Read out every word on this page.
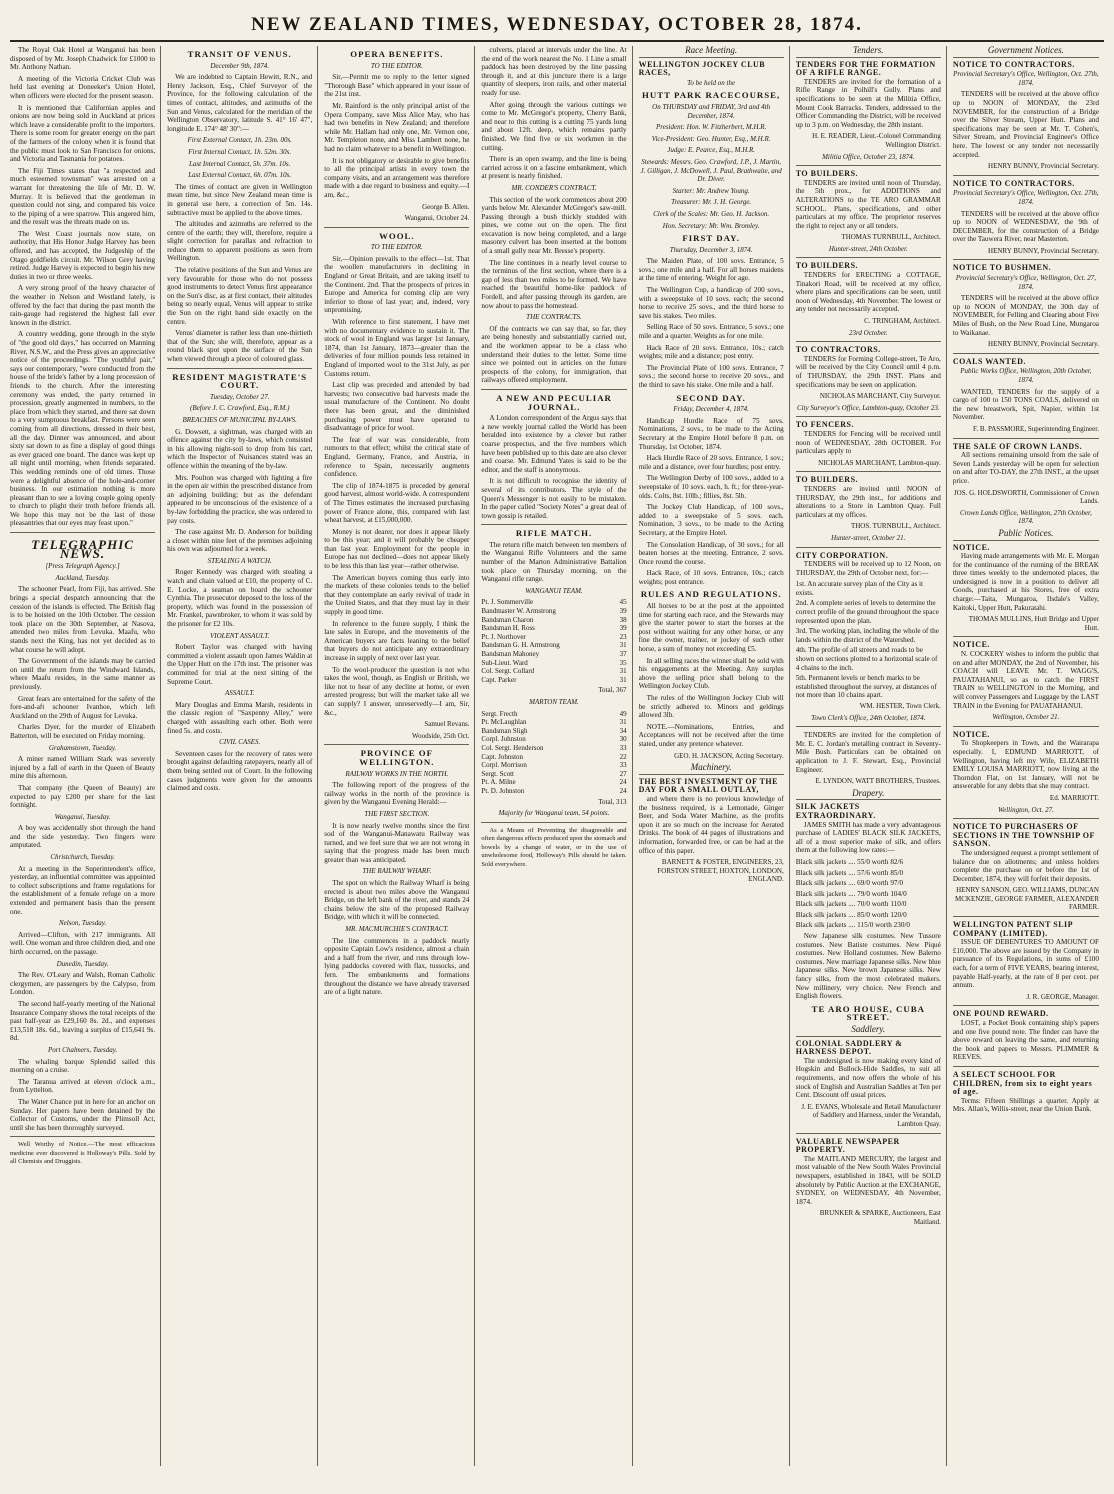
NEW ZEALAND TIMES, WEDNESDAY, OCTOBER 28, 1874.

The Royal Oak Hotel at Wanganui has been disposed of by Mr. Joseph Chadwick for £1000 to Mr. Anthony Nathan.

A meeting of the Victoria Cricket Club was held last evening at Doneeker's Union Hotel, when officers were elected for the present season.

It is mentioned that Californian apples and onions are now being sold in Auckland at prices which leave a considerable profit to the importers. There is some room for greater energy on the part of the farmers of the colony when it is found that the public must look to San Francisco for onions, and Victoria and Tasmania for potatoes.

The Fiji Times states that "a respected and much esteemed townsman" was arrested on a warrant for threatening the life of Mr. D. W. Murray. It is believed that the gentleman in question could not sing, and compared his voice to the piping of a wee sparrow. This angered him, and the result was the threats made on us.

The West Coast journals now state, on authority, that His Honor Judge Harvey has been offered, and has accepted, the Judgeship of the Otago goldfields circuit. Mr. Wilson Grey having retired. Judge Harvey is expected to begin his new duties in two or three weeks.

A very strong proof of the heavy character of the weather in Nelson and Westland lately, is offered by the fact that during the past month the rain-gauge had registered the highest fall ever known in the district.

A country wedding, gone through in the style of "the good old days," has occurred on Manning River, N.S.W., and the Press gives an appreciative notice of the proceedings. "The youthful pair," says our contemporary, "were conducted from the house of the bride's father by a long procession of friends to the church. After the interesting ceremony was ended, the party returned in procession, greatly augmented in numbers, to the place from which they started, and there sat down to a very sumptuous breakfast. Persons were seen coming from all directions, dressed in their best, all the day. Dinner was announced, and about sixty sat down to as fine a display of good things as ever graced one board. The dance was kept up all night until morning, when friends separated. This wedding reminds one of old times. Those were a delightful absence of the hole-and-corner business. In our estimation nothing is more pleasant than to see a loving couple going openly to church to plight their troth before friends all. We hope this may not be the last of those pleasantries that our eyes may feast upon."

TELEGRAPHIC NEWS.
[Press Telegraph Agency.]
Auckland, Tuesday.

The schooner Pearl, from Fiji, has arrived. She brings a special despatch announcing that the cession of the islands is effected. The British flag is to be hoisted on the 10th October. The cession took place on the 30th September, at Nasova, attended two miles from Levuka. Maafu, who stands next the King, has not yet decided as to what course he will adopt.

The Government of the islands may be carried on until the return from the Windward Islands, where Maafu resides, in the same manner as previously.

Great fears are entertained for the safety of the fore-and-aft schooner Ivanhoe, which left Auckland on the 29th of August for Levuka.

Charles Dyer, for the murder of Elizabeth Batterton, will be executed on Friday morning.

Grahamstown, Tuesday.

A miner named William Stark was severely injured by a fall of earth in the Queen of Beauty mine this afternoon.

That company (the Queen of Beauty) are expected to pay £200 per share for the last fortnight.

Wanganui, Tuesday.

A boy was accidentally shot through the hand and the side yesterday. Two fingers were amputated.

Christchurch, Tuesday.

At a meeting in the Superintendent's office, yesterday, an influential committee was appointed to collect subscriptions and frame regulations for the establishment of a female refuge on a more extended and permanent basis than the present one.

Nelson, Tuesday.

Arrived—Clifton, with 217 immigrants. All well. One woman and three children died, and one birth occurred, on the passage.

Dunedin, Tuesday.

The Rev. O'Leary and Walsh, Roman Catholic clergymen, are passengers by the Calypso, from London.

The second half-yearly meeting of the National Insurance Company shows the total receipts of the past half-year as £29,160 8s. 2d., and expenses £13,518 18s. 6d., leaving a surplus of £15,641 9s. 8d.

Port Chalmers, Tuesday.

The whaling barque Splendid sailed this morning on a cruise.

The Taranua arrived at eleven o'clock a.m., from Lyttelton.

The Water Chance put in here for an anchor on Sunday. Her papers have been detained by the Collector of Customs, under the Plimsoll Act, until she has been thoroughly surveyed.

Well Worthy of Notice.—The most efficacious medicine ever discovered is Holloway's Pills. Sold by all Chemists and Druggists.

TRANSIT OF VENUS.
December 9th, 1874.

We are indebted to Captain Hewitt, R.N., and Henry Jackson, Esq., Chief Surveyor of the Province, for the following calculation of the times of contact, altitudes, and azimuths of the Sun and Venus, calculated for the meridian of the Wellington Observatory, latitude S. 41° 16' 47", longitude E. 174° 48' 30":—

First External Contact, 1h. 23m. 00s.
First Internal Contact, 1h. 52m. 30s.
Last Internal Contact, 5h. 37m. 10s.
Last External Contact, 6h. 07m. 10s.

The times of contact are given in Wellington mean time, but since New Zealand mean time is in general use here, a correction of 5m. 14s. subtractive must be applied to the above times.

The altitudes and azimuths are referred to the centre of the earth; they will, therefore, require a slight correction for parallax and refraction to reduce them to apparent positions as seen from Wellington.

The relative positions of the Sun and Venus are very favourable for those who do not possess good instruments to detect Venus first appearance on the Sun's disc, as at first contact, their altitudes being so nearly equal, Venus will appear to strike the Sun on the right hand side exactly on the centre.

Venus' diameter is rather less than one-thirtieth that of the Sun; she will, therefore, appear as a round black spot upon the surface of the Sun when viewed through a piece of coloured glass.

RESIDENT MAGISTRATE'S COURT.
Tuesday, October 27.
(Before J. C. Crawford, Esq., R.M.)
BREACHES OF MUNICIPAL BY-LAWS.

G. Dowsett, a sightman, was charged with an offence against the city by-laws, which consisted in his allowing night-soil to drop from his cart, which the Inspector of Nuisances stated was an offence within the meaning of the by-law.

Mrs. Poulton was charged with lighting a fire in the open air within the prescribed distance from an adjoining building; but as the defendant appeared to be unconscious of the existence of a by-law forbidding the practice, she was ordered to pay costs.

The case against Mr. D. Anderson for building a closet within nine feet of the premises adjoining his own was adjourned for a week.

STEALING A WATCH.

Roger Kennedy was charged with stealing a watch and chain valued at £10, the property of C. E. Locke, a seaman on board the schooner Cynthia. The prosecutor deposed to the loss of the property, which was found in the possession of Mr. Frankel, pawnbroker, to whom it was sold by the prisoner for £2 10s.

VIOLENT ASSAULT.

Robert Taylor was charged with having committed a violent assault upon James Waldin at the Upper Hutt on the 17th inst. The prisoner was committed for trial at the next sitting of the Supreme Court.

ASSAULT.

Mary Douglas and Emma Marsh, residents in the classic region of "Saxpenny Alley," were charged with assaulting each other. Both were fined 5s. and costs.

CIVIL CASES.

Seventeen cases for the recovery of rates were brought against defaulting ratepayers, nearly all of them being settled out of Court. In the following cases judgments were given for the amounts claimed and costs.

OPERA BENEFITS.
TO THE EDITOR.

Sir,—Permit me to reply to the letter signed "Thorough Base" which appeared in your issue of the 21st inst.

Mr. Rainford is the only principal artist of the Opera Company, save Miss Alice May, who has had two benefits in New Zealand; and therefore while Mr. Hallam had only one, Mr. Vernon one, Mr. Templeton none, and Miss Lambert none, he had no claim whatever to a benefit in Wellington.

It is not obligatory or desirable to give benefits to all the principal artists in every town the company visits, and an arrangement was therefore made with a due regard to business and equity.—I am, &c.,

George B. Allen.
Wanganui, October 24.
WOOL.
TO THE EDITOR.

Sir,—Opinion prevails to the effect—1st. That the woollen manufacturers in declining in England or Great Britain, and are taking itself to the Continent. 2nd. That the prospects of prices in Europe and America for coming clip are very inferior to those of last year; and, indeed, very unpromising.

With reference to first statement, I have met with no documentary evidence to sustain it. The stock of wool in England was larger 1st January, 1874, than 1st January, 1873—greater than the deliveries of four million pounds less retained in England of imported wool to the 31st July, as per Customs return.

Last clip was preceded and attended by bad harvests; two consecutive bad harvests made the usual manufacture of the Continent. No doubt there has been great, and the diminished purchasing power must have operated to disadvantage of price for wool.

The fear of war was considerable, from rumours to that effect; whilst the critical state of England, Germany, France, and Austria, in reference to Spain, necessarily augments confidence.

The clip of 1874-1875 is preceded by general good harvest, almost world-wide. A correspondent of The Times estimates the increased purchasing power of France alone, this, compared with last wheat harvest, at £15,000,000.

Money is not dearer, nor does it appear likely to be this year; and it will probably be cheaper than last year. Employment for the people in Europe has not declined—does not appear likely to be less this than last year—rather otherwise.

The American buyers coming thus early into the markets of these colonies tends to the belief that they contemplate an early revival of trade in the United States, and that they must lay in their supply in good time.

In reference to the future supply, I think the late sales in Europe, and the movements of the American buyers are facts leaning to the belief that buyers do not anticipate any extraordinary increase in supply of next over last year.

To the wool-producer the question is not who takes the wool, though, as English or British, we like not to hear of any decline at home, or even arrested progress; but will the market take all we can supply? I answer, unreservedly—I am, Sir, &c.,

Samuel Revans.
Woodside, 25th Oct.
PROVINCE OF WELLINGTON.
RAILWAY WORKS IN THE NORTH.

The following report of the progress of the railway works in the north of the province is given by the Wanganui Evening Herald:—

THE FIRST SECTION.

It is now nearly twelve months since the first sod of the Wanganui-Manawatu Railway was turned, and we feel sure that we are not wrong in saying that the progress made has been much greater than was anticipated.

THE RAILWAY WHARF.

The spot on which the Railway Wharf is being erected is about two miles above the Wanganui Bridge, on the left bank of the river, and stands 24 chains below the site of the proposed Railway Bridge, with which it will be connected.

MR. MACMURCHIE'S CONTRACT.

The line commences in a paddock nearly opposite Captain Low's residence, almost a chain and a half from the river, and runs through low-lying paddocks covered with flax, tussocks, and fern. The embankments and formations throughout the distance we have already traversed are of a light nature.

culverts, placed at intervals under the line. At the end of the work nearest the No. 1 Line a small paddock has been destroyed by the line passing through it, and at this juncture there is a large quantity of sleepers, iron rails, and other material ready for use.

After going through the various cuttings we come to Mr. McGregor's property, Cherry Bank, and near to this cutting is a cutting 75 yards long and about 12ft. deep, which remains partly finished. We find five or six workmen in the cutting.

There is an open swamp, and the line is being carried across it on a fascine embankment, which at present is nearly finished.

MR. CONDER'S CONTRACT.

This section of the work commences about 200 yards below Mr. Alexander McGregor's saw-mill. Passing through a bush thickly studded with pines, we come out on the open. The first excavation is now being completed, and a large masonry culvert has been inserted at the bottom of a small gully near Mr. Bresse's property.

The line continues in a nearly level course to the terminus of the first section, where there is a gap of less than two miles to be formed. We have reached the beautiful home-like paddock of Fordell, and after passing through its garden, are now about to pass the homestead.

THE CONTRACTS.

Of the contracts we can say that, so far, they are being honestly and substantially carried out, and the workmen appear to be a class who understand their duties to the letter. Some time since we pointed out in articles on the future prospects of the colony, for immigration, that railways offered employment.

A NEW AND PECULIAR JOURNAL.

A London correspondent of the Argus says that a new weekly journal called the World has been heralded into existence by a clever but rather coarse prospectus, and the five numbers which have been published up to this date are also clever and coarse. Mr. Edmund Yates is said to be the editor, and the staff is anonymous.

It is not difficult to recognise the identity of several of its contributors. The style of the Queen's Messenger is not easily to be mistaken. In the paper called "Society Notes" a great deal of town gossip is retailed.

RIFLE MATCH.

The return rifle match between ten members of the Wanganui Rifle Volunteers and the same number of the Marton Administrative Battalion took place on Thursday morning, on the Wanganui rifle range.

WANGANUI TEAM.
Pt. J. Sommerville	45
Bandmaster W. Armstrong	39
Bandsman Charon	38
Bandsman H. Ross	39
Pt. J. Northover	23
Bandsman G. H. Armstrong	31
Bandsman Mahoney	37
Sub-Lieut. Ward	35
Col. Sergt. Collard	31
Capt. Parker	31
Total, 367
MARTON TEAM.
Sergt. Frecth	49
Pt. McLaughlan	31
Bandsman Sligh	34
Corpl. Johnston	30
Col. Sergt. Henderson	33
Capt. Johnston	22
Corpl. Morrison	33
Sergt. Scott	27
Pt. A. Milne	24
Pt. D. Johnston	24
Total, 313
Majority for Wanganui team, 54 points.

As a Means of Preventing the disagreeable and often dangerous effects produced upon the stomach and bowels by a change of water, or in the use of unwholesome food, Holloway's Pills should be taken. Sold everywhere.

Race Meeting.
WELLINGTON JOCKEY CLUB RACES,
To be held on the
HUTT PARK RACECOURSE,
On THURSDAY and FRIDAY, 3rd and 4th December, 1874.
President: Hon. W. Fitzherbert, M.H.R.
Vice-President: Geo. Hunter, Esq., M.H.R.
Judge: E. Pearce, Esq., M.H.R.
Stewards: Messrs. Geo. Crawford, J.P., J. Martin, J. Gilligan, J. McDowell, J. Paul, Brathwaite, and Dr. Diver.
Starter: Mr. Andrew Young.
Treasurer: Mr. J. H. George.
Clerk of the Scales: Mr. Geo. H. Jackson.
Hon. Secretary: Mr. Wm. Bromley.
FIRST DAY.
Thursday, December 3, 1874.

The Maiden Plate, of 100 sovs. Entrance, 5 sovs.; one mile and a half. For all horses maidens at the time of entering. Weight for age.

The Wellington Cup, a handicap of 200 sovs., with a sweepstake of 10 sovs. each; the second horse to receive 25 sovs., and the third horse to save his stakes. Two miles.

Selling Race of 50 sovs. Entrance, 5 sovs.; one mile and a quarter. Weights as for one mile.

Hack Race of 20 sovs. Entrance, 10s.; catch weights; mile and a distance; post entry.

The Provincial Plate of 100 sovs. Entrance, 7 sovs.; the second horse to receive 20 sovs., and the third to save his stake. One mile and a half.

SECOND DAY.
Friday, December 4, 1874.

Handicap Hurdle Race of 75 sovs. Nominations, 2 sovs., to be made to the Acting Secretary at the Empire Hotel before 8 p.m. on Thursday, 1st October, 1874.

Hack Hurdle Race of 20 sovs. Entrance, 1 sov.; mile and a distance, over four hurdles; post entry.

The Wellington Derby of 100 sovs., added to a sweepstake of 10 sovs. each, h. ft.; for three-year-olds. Colts, 8st. 10lb.; fillies, 8st. 5lb.

The Jockey Club Handicap, of 100 sovs., added to a sweepstake of 5 sovs. each. Nomination, 3 sovs., to be made to the Acting Secretary, at the Empire Hotel.

The Consolation Handicap, of 30 sovs.; for all beaten horses at the meeting. Entrance, 2 sovs. Once round the course.

Hack Race, of 10 sovs. Entrance, 10s.; catch weights; post entrance.

RULES AND REGULATIONS.

All horses to be at the post at the appointed time for starting each race, and the Stewards may give the starter power to start the horses at the post without waiting for any other horse, or any fine the owner, trainer, or jockey of such other horse, a sum of money not exceeding £5.

In all selling races the winner shall be sold with his engagements at the Meeting. Any surplus above the selling price shall belong to the Wellington Jockey Club.

The rules of the Wellington Jockey Club will be strictly adhered to. Minors and geldings allowed 3lb.

NOTE.—Nominations, Entries, and Acceptances will not be received after the time stated, under any pretence whatever.

GEO. H. JACKSON, Acting Secretary.
Machinery.
THE BEST INVESTMENT OF THE DAY FOR A SMALL OUTLAY,

and where there is no previous knowledge of the business required, is a Lemonade, Ginger Beer, and Soda Water Machine, as the profits upon it are so much on the increase for Aerated Drinks. The book of 44 pages of illustrations and information, forwarded free, or can be had at the office of this paper.

BARNETT & FOSTER, ENGINEERS, 23, FORSTON STREET, HOXTON, LONDON, ENGLAND.
Tenders.
TENDERS FOR THE FORMATION OF A RIFLE RANGE.

TENDERS are invited for the formation of a Rifle Range in Polhill's Gully. Plans and specifications to be seen at the Militia Office, Mount Cook Barracks. Tenders, addressed to the Officer Commanding the District, will be received up to 3 p.m. on Wednesday, the 28th instant.

H. E. READER, Lieut.-Colonel Commanding Wellington District.
Militia Office, October 23, 1874.
TO BUILDERS.

TENDERS are invited until noon of Thursday, the 5th prox., for ADDITIONS and ALTERATIONS to the TE ARO GRAMMAR SCHOOL. Plans, specifications, and other particulars at my office. The proprietor reserves the right to reject any or all tenders.

THOMAS TURNBULL, Architect.
Hunter-street, 24th October.
TO BUILDERS.

TENDERS for ERECTING a COTTAGE, Tinakori Road, will be received at my office, where plans and specifications can be seen, until noon of Wednesday, 4th November. The lowest or any tender not necessarily accepted.

C. TRINGHAM, Architect.
23rd October.
TO CONTRACTORS.

TENDERS for Forming College-street, Te Aro, will be received by the City Council until 4 p.m. of THURSDAY, the 29th INST. Plans and specifications may be seen on application.

NICHOLAS MARCHANT, City Surveyor.
City Surveyor's Office, Lambton-quay, October 23.
TO FENCERS.

TENDERS for Fencing will be received until noon of WEDNESDAY, 28th OCTOBER. For particulars apply to

NICHOLAS MARCHANT, Lambton-quay.
TO BUILDERS.

TENDERS are invited until NOON of THURSDAY, the 29th inst., for additions and alterations to a Store in Lambton Quay. Full particulars at my offices.

THOS. TURNBULL, Architect.
Hunter-street, October 21.
CITY CORPORATION.

TENDERS will be received up to 12 Noon, on THURSDAY, the 29th of October next, for:—

1st. An accurate survey plan of the City as it exists.
2nd. A complete series of levels to determine the correct profile of the ground throughout the space represented upon the plan.
3rd. The working plan, including the whole of the lands within the district of the Watershed.
4th. The profile of all streets and roads to be shown on sections plotted to a horizontal scale of 4 chains to the inch.
5th. Permanent levels or bench marks to be established throughout the survey, at distances of not more than 10 chains apart.
WM. HESTER, Town Clerk.
Town Clerk's Office, 24th October, 1874.

TENDERS are invited for the completion of Mr. E. C. Jordan's metalling contract in Seventy-Mile Bush. Particulars can be obtained on application to J. F. Stewart, Esq., Provincial Engineer.

E. LYNDON, WATT BROTHERS, Trustees.
Drapery.
SILK JACKETS EXTRAORDINARY.

JAMES SMITH has made a very advantageous purchase of LADIES' BLACK SILK JACKETS, all of a most superior make of silk, and offers them at the following low rates:—

Black silk jackets .... 55/0 worth 82/6
Black silk jackets .... 57/6 worth 85/0
Black silk jackets .... 69/0 worth 97/0
Black silk jackets .... 79/0 worth 104/0
Black silk jackets .... 70/0 worth 110/0
Black silk jackets .... 85/0 worth 120/0
Black silk jackets .... 115/0 worth 230/0

New Japanese silk costumes. New Tussore costumes. New Batiste costumes. New Piqué costumes. New Holland costumes. New Balerno costumes. New marriage Japanese silks. New blue Japanese silks. New brown Japanese silks. New fancy silks, from the most celebrated makers. New millinery, very choice. New French and English flowers.

TE ARO HOUSE, CUBA STREET.
Saddlery.
COLONIAL SADDLERY & HARNESS DEPOT.

The undersigned is now making every kind of Hogskin and Bullock-Hide Saddles, to suit all requirements, and now offers the whole of his stock of English and Australian Saddles at Ten per Cent. Discount off usual prices.

J. E. EVANS, Wholesale and Retail Manufacturer of Saddlery and Harness, under the Verandah, Lambton Quay.
VALUABLE NEWSPAPER PROPERTY.

The MAITLAND MERCURY, the largest and most valuable of the New South Wales Provincial newspapers, established in 1843, will be SOLD absolutely by Public Auction at the EXCHANGE, SYDNEY, on WEDNESDAY, 4th November, 1874.

BRUNKER & SPARKE, Auctioneers, East Maitland.
Government Notices.
NOTICE TO CONTRACTORS.
Provincial Secretary's Office, Wellington, Oct. 27th, 1874.

TENDERS will be received at the above office up to NOON of MONDAY, the 23rd NOVEMBER, for the construction of a Bridge over the Silver Stream, Upper Hutt. Plans and specifications may be seen at Mr. T. Cohen's, Silver Stream, and Provincial Engineer's Office here. The lowest or any tender not necessarily accepted.

HENRY BUNNY, Provincial Secretary.
NOTICE TO CONTRACTORS.
Provincial Secretary's Office, Wellington, Oct. 27th, 1874.

TENDERS will be received at the above office up to NOON of WEDNESDAY, the 9th of DECEMBER, for the construction of a Bridge over the Tauwera River, near Masterton.

HENRY BUNNY, Provincial Secretary.
NOTICE TO BUSHMEN.
Provincial Secretary's Office, Wellington, Oct. 27, 1874.

TENDERS will be received at the above office up to NOON of MONDAY, the 30th day of NOVEMBER, for Felling and Clearing about Five Miles of Bush, on the New Road Line, Mungaroa to Waikanae.

HENRY BUNNY, Provincial Secretary.
COALS WANTED.
Public Works Office, Wellington, 20th October, 1874.

WANTED, TENDERS for the supply of a cargo of 100 to 150 TONS COALS, delivered on the new breastwork, Spit, Napier, within 1st November.

F. B. PASSMORE, Superintending Engineer.
THE SALE OF CROWN LANDS.

All sections remaining unsold from the sale of Seven Lands yesterday will be open for selection on and after TO-DAY, the 27th INST., at the upset price.

JOS. G. HOLDSWORTH, Commissioner of Crown Lands.
Crown Lands Office, Wellington, 27th October, 1874.
Public Notices.
NOTICE.

Having made arrangements with Mr. E. Morgan for the continuance of the running of the BREAK three times weekly to the undernoted places, the undersigned is now in a position to deliver all Goods, purchased at his Stores, free of extra charge:—Taita, Mungaroa, Ilsdale's Valley, Kaitoki, Upper Hutt, Pakuratahi.

THOMAS MULLINS, Hutt Bridge and Upper Hutt.
NOTICE.

N. COCKERY wishes to inform the public that on and after MONDAY, the 2nd of November, his COACH will LEAVE Mr. T. WAGG'S, PAUATAHANUI, so as to catch the FIRST TRAIN to WELLINGTON in the Morning, and will convey Passengers and Luggage by the LAST TRAIN in the Evening for PAUATAHANUI.

Wellington, October 21.
NOTICE.

To Shopkeepers in Town, and the Wairarapa especially. I, EDMUND MARRIOTT, of Wellington, having left my Wife, ELIZABETH EMILY LOUISA MARRIOTT, now living at the Thorndon Flat, on 1st January, will not be answerable for any debts that she may contract.

Ed. MARRIOTT.
Wellington, Oct. 27.
NOTICE TO PURCHASERS OF SECTIONS IN THE TOWNSHIP OF SANSON.

The undersigned request a prompt settlement of balance due on allotments; and unless holders complete the purchase on or before the 1st of December, 1874, they will forfeit their deposits.

HENRY SANSON, GEO. WILLIAMS, DUNCAN MCKENZIE, GEORGE FARMER, ALEXANDER FARMER.
WELLINGTON PATENT SLIP COMPANY (LIMITED).

ISSUE OF DEBENTURES TO AMOUNT OF £10,000. The above are issued by the Company in pursuance of its Regulations, in sums of £100 each, for a term of FIVE YEARS, bearing interest, payable Half-yearly, at the rate of 8 per cent. per annum.

J. R. GEORGE, Manager.
ONE POUND REWARD.

LOST, a Pocket Book containing ship's papers and one five pound note. The finder can have the above reward on leaving the same, and returning the book and papers to Messrs. PLIMMER & REEVES.

A SELECT SCHOOL FOR CHILDREN, from six to eight years of age.

Terms: Fifteen Shillings a quarter. Apply at Mrs. Allan's, Willis-street, near the Union Bank.
